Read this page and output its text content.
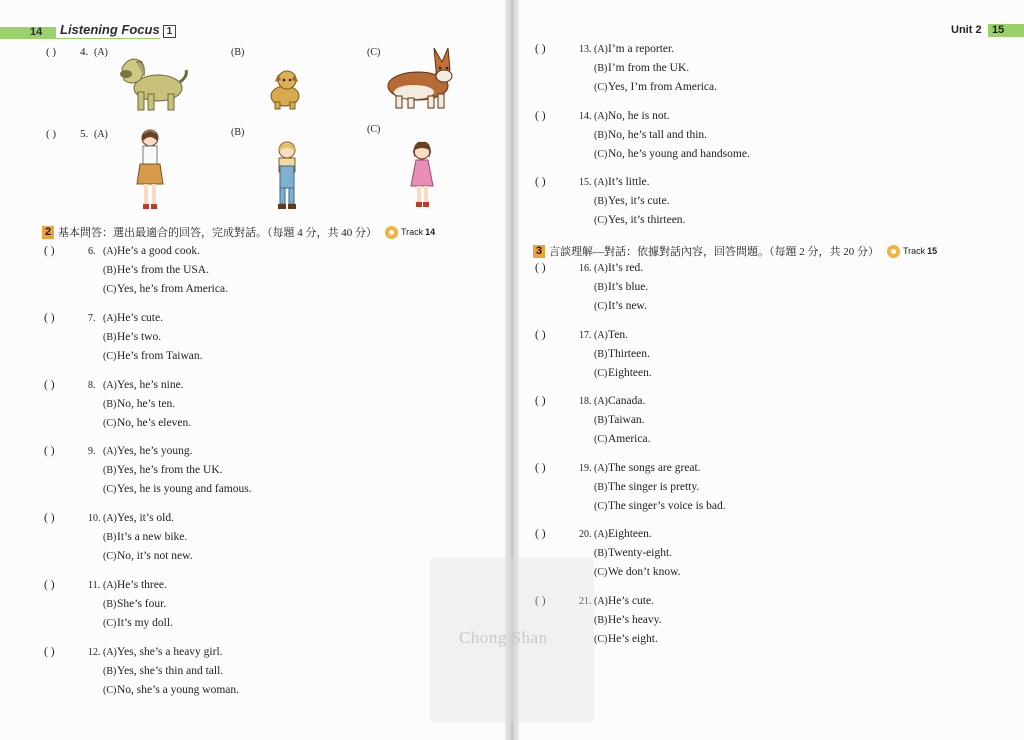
14	Listening Focus 1	Unit 2 15
( ) 4. (A)	(B)	(C)
( ) 5. (A)	(B)	(C)
2 基本問答：選出最適合的回答，完成對話。（每題 4 分，共 40 分）	Track 14
3 言談理解—對話：依據對話內容，回答問題。（每題 2 分，共 20 分）	Track 15
( )	6. (A)He’s a good cook.
(B)He’s from the USA.
(C)Yes, he’s from America.
( )	7. (A)He’s cute.
(B)He’s two.
(C)He’s from Taiwan.
( )	8. (A)Yes, he’s nine.
(B)No, he’s ten.
(C)No, he’s eleven.
( )	9. (A)Yes, he’s young.
(B)Yes, he’s from the UK.
(C)Yes, he is young and famous.
( )	10. (A)Yes, it’s old.
(B)It’s a new bike.
(C)No, it’s not new.
( )	11. (A)He’s three.
(B)She’s four.
(C)It’s my doll.
( )	12. (A)Yes, she’s a heavy girl.
(B)Yes, she’s thin and tall.
(C)No, she’s a young woman.
( )	13. (A)I’m a reporter.
(B)I’m from the UK.
(C)Yes, I’m from America.
( )	14. (A)No, he is not.
(B)No, he’s tall and thin.
(C)No, he’s young and handsome.
( )	15. (A)It’s little.
(B)Yes, it’s cute.
(C)Yes, it’s thirteen.
( )	16. (A)It’s red.
(B)It’s blue.
(C)It’s new.
( )	17. (A)Ten.
(B)Thirteen.
(C)Eighteen.
( )	18. (A)Canada.
(B)Taiwan.
(C)America.
( )	19. (A)The songs are great.
(B)The singer is pretty.
(C)The singer’s voice is bad.
( )	20. (A)Eighteen.
(B)Twenty-eight.
(C)We don’t know.
( )	21. (A)He’s cute.
(B)He’s heavy.
(C)He’s eight.
Chong Shan
